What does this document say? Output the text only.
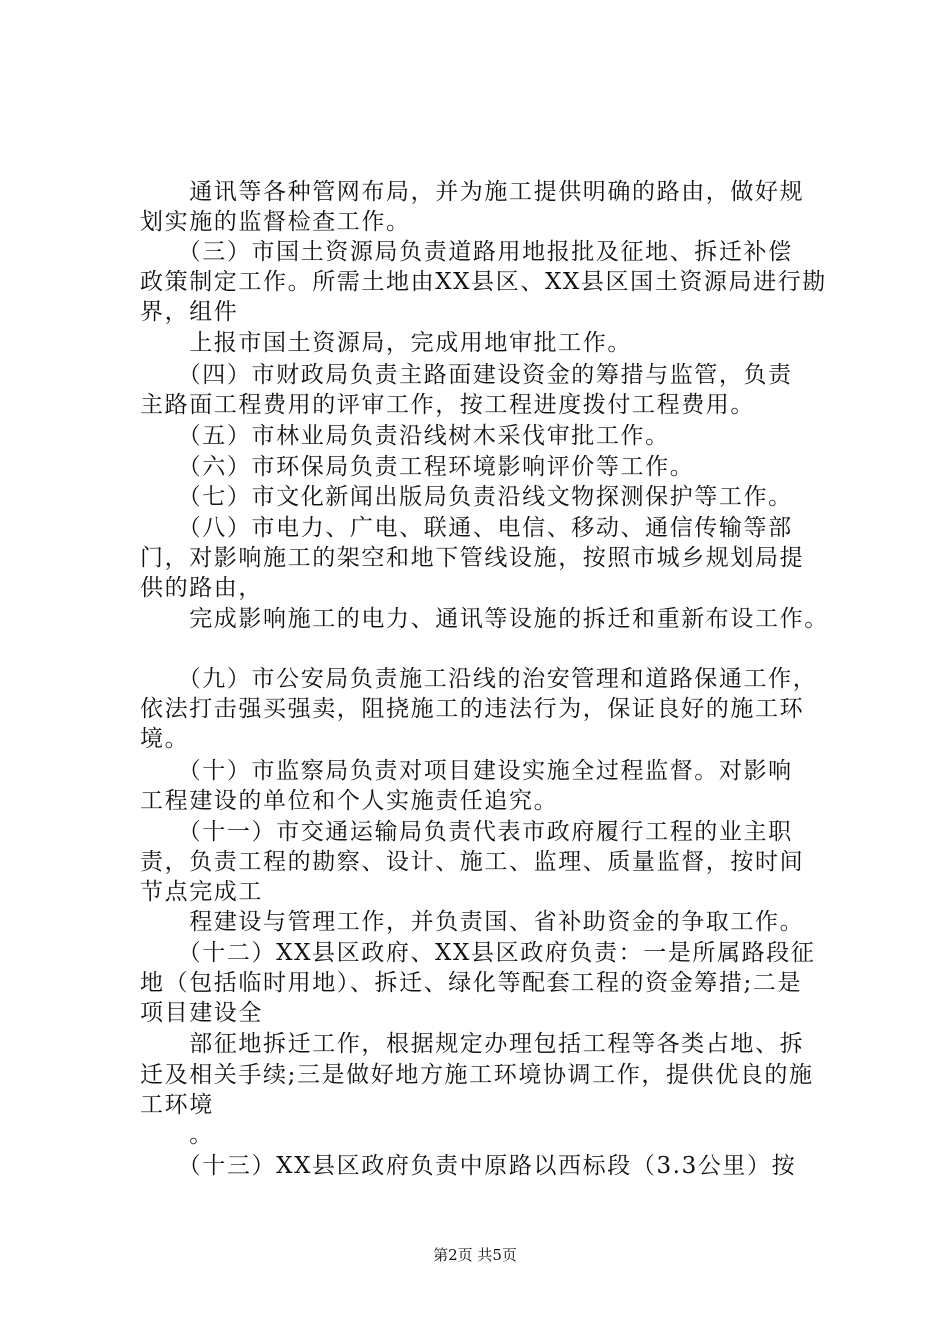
　　通讯等各种管网布局，并为施工提供明确的路由，做好规
划实施的监督检查工作。
　　（三）市国土资源局负责道路用地报批及征地、拆迁补偿
政策制定工作。所需土地由XX县区、XX县区国土资源局进行勘
界，组件
　　上报市国土资源局，完成用地审批工作。
　　（四）市财政局负责主路面建设资金的筹措与监管，负责
主路面工程费用的评审工作，按工程进度拨付工程费用。
　　（五）市林业局负责沿线树木采伐审批工作。
　　（六）市环保局负责工程环境影响评价等工作。
　　（七）市文化新闻出版局负责沿线文物探测保护等工作。
　　（八）市电力、广电、联通、电信、移动、通信传输等部
门，对影响施工的架空和地下管线设施，按照市城乡规划局提
供的路由，
　　完成影响施工的电力、通讯等设施的拆迁和重新布设工作。
　　（九）市公安局负责施工沿线的治安管理和道路保通工作，
依法打击强买强卖，阻挠施工的违法行为，保证良好的施工环
境。
　　（十）市监察局负责对项目建设实施全过程监督。对影响
工程建设的单位和个人实施责任追究。
　　（十一）市交通运输局负责代表市政府履行工程的业主职
责，负责工程的勘察、设计、施工、监理、质量监督，按时间
节点完成工
　　程建设与管理工作，并负责国、省补助资金的争取工作。
　　（十二）XX县区政府、XX县区政府负责：一是所属路段征
地（包括临时用地）、拆迁、绿化等配套工程的资金筹措;二是
项目建设全
　　部征地拆迁工作，根据规定办理包括工程等各类占地、拆
迁及相关手续;三是做好地方施工环境协调工作，提供优良的施
工环境
　　。
　　（十三）XX县区政府负责中原路以西标段（3.3公里）按
第2页 共5页
